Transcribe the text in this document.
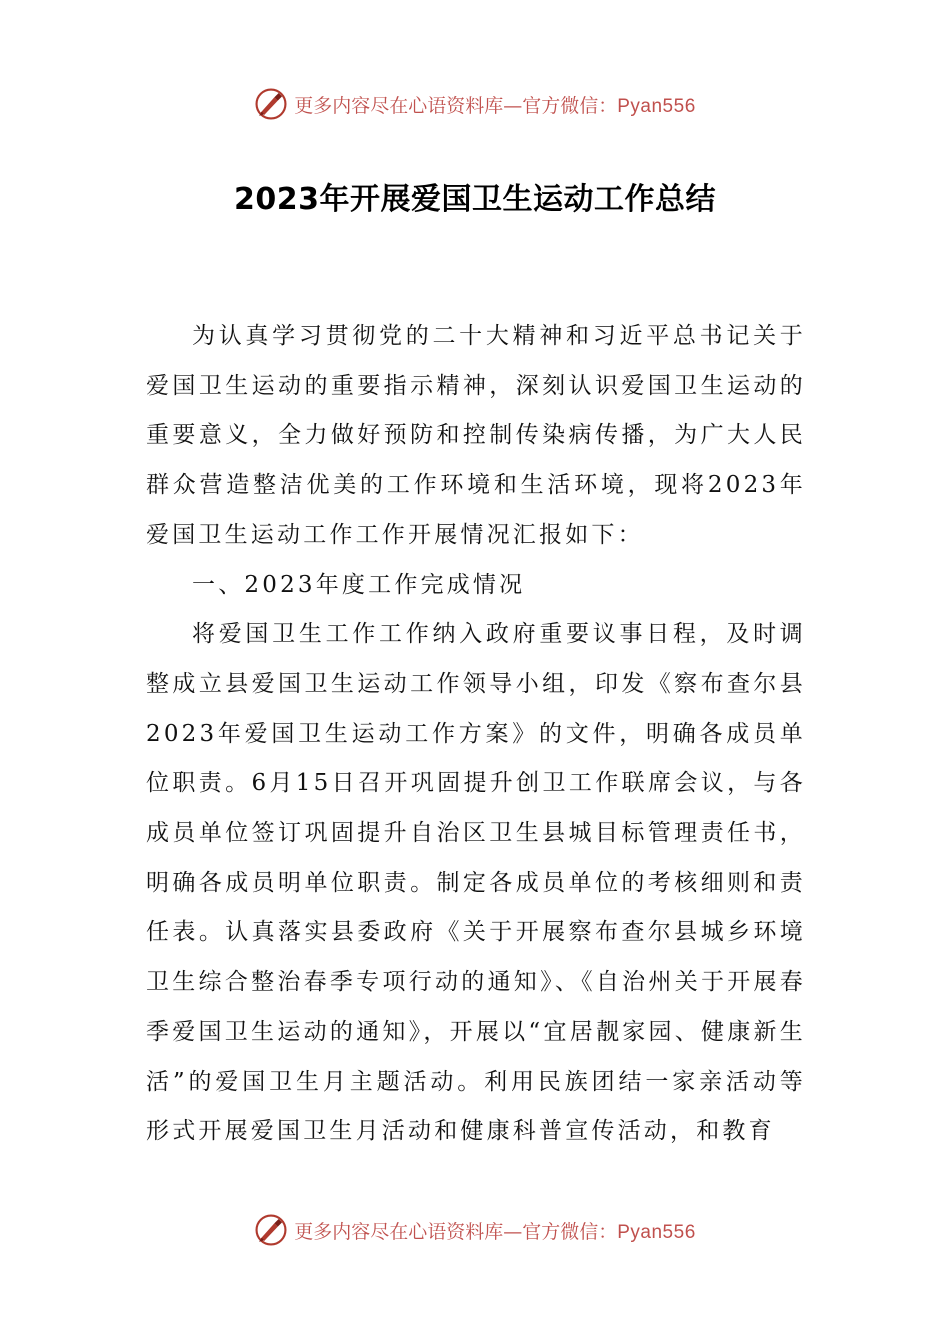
更多内容尽在心语资料库—官方微信：Pyan556
2023年开展爱国卫生运动工作总结

为认真学习贯彻党的二十大精神和习近平总书记关于爱国卫生运动的重要指示精神，深刻认识爱国卫生运动的重要意义，全力做好预防和控制传染病传播，为广大人民群众营造整洁优美的工作环境和生活环境，现将2023年爱国卫生运动工作工作开展情况汇报如下：

一、2023年度工作完成情况

将爱国卫生工作工作纳入政府重要议事日程，及时调整成立县爱国卫生运动工作领导小组，印发《察布查尔县2023年爱国卫生运动工作方案》的文件，明确各成员单位职责。6月15日召开巩固提升创卫工作联席会议，与各成员单位签订巩固提升自治区卫生县城目标管理责任书，明确各成员明单位职责。制定各成员单位的考核细则和责任表。认真落实县委政府《关于开展察布查尔县城乡环境卫生综合整治春季专项行动的通知》、《自治州关于开展春季爱国卫生运动的通知》，开展以“宜居靓家园、健康新生活”的爱国卫生月主题活动。利用民族团结一家亲活动等形式开展爱国卫生月活动和健康科普宣传活动，和教育

更多内容尽在心语资料库—官方微信：Pyan556
